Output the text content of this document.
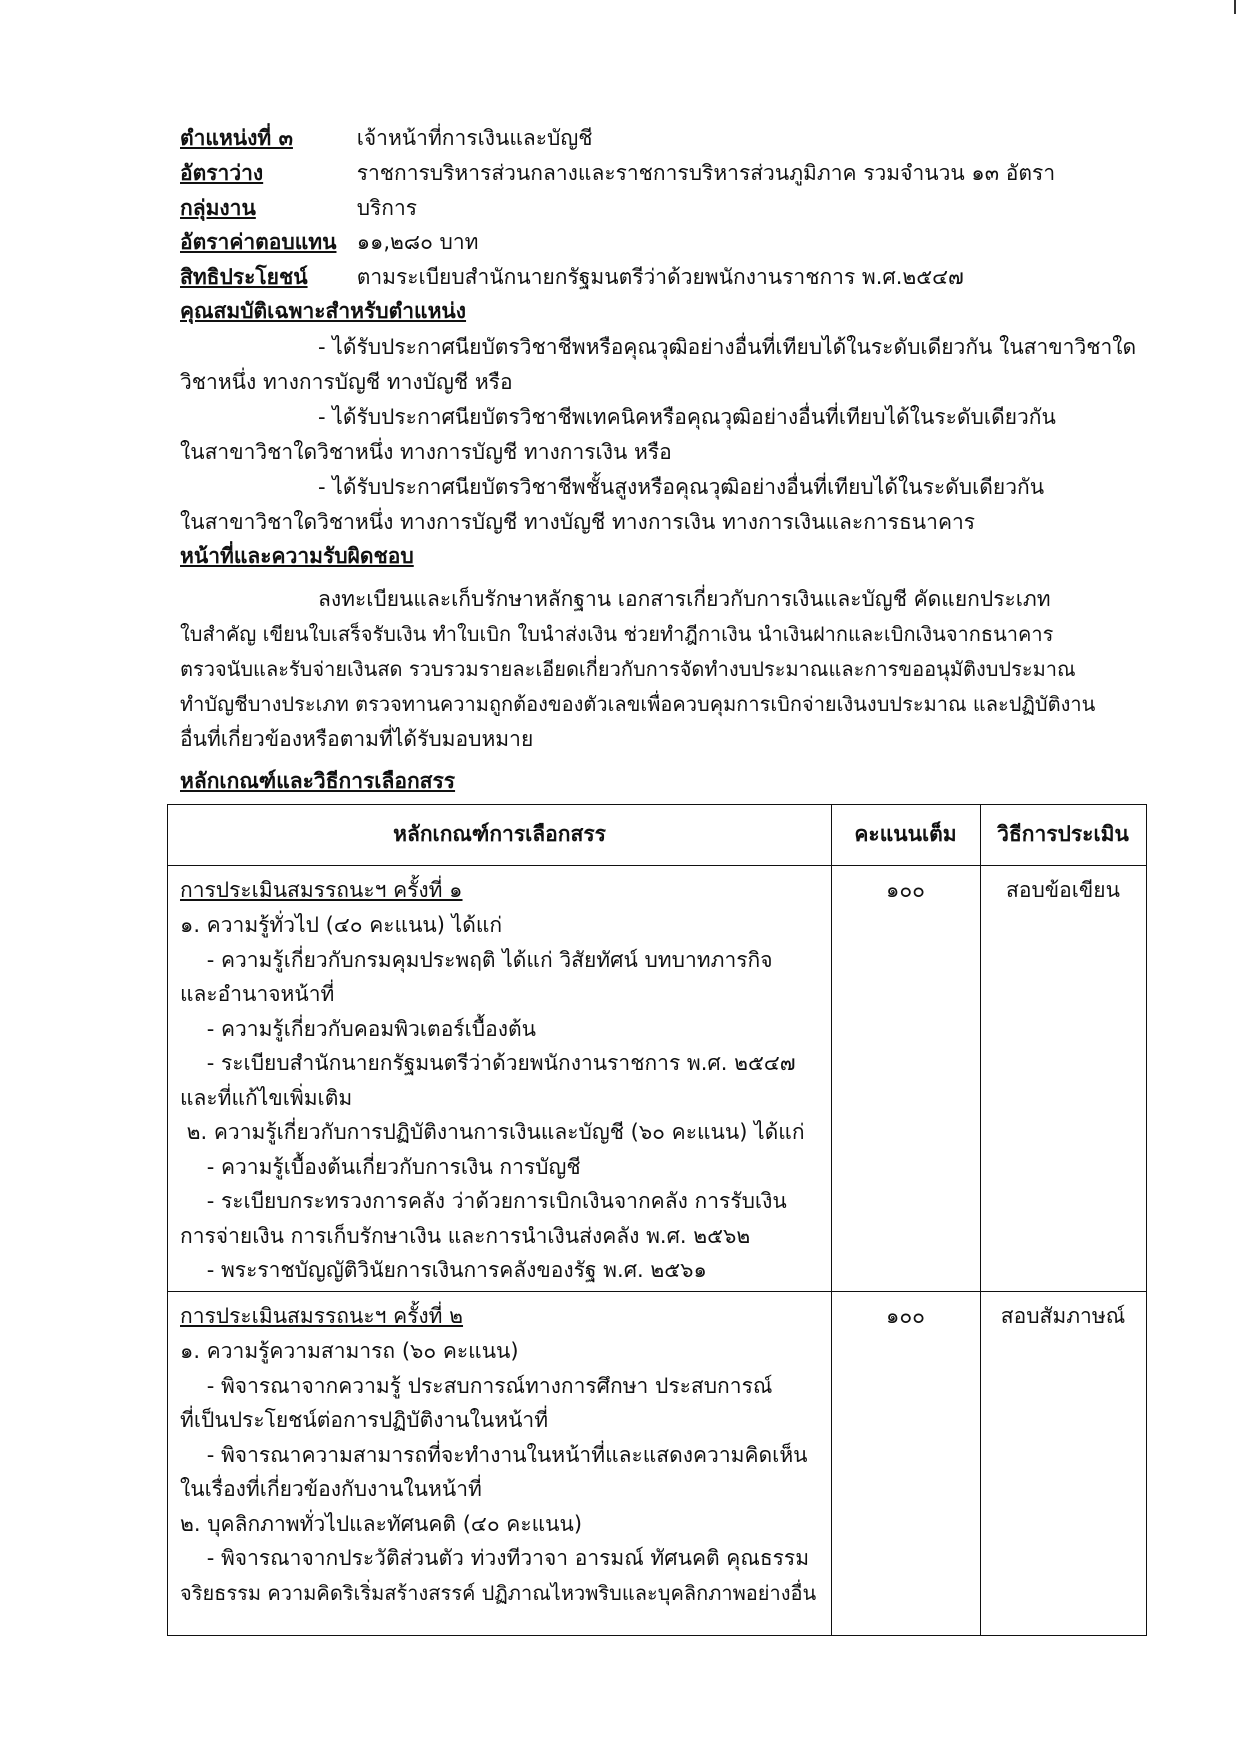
ตำแหน่งที่ ๓	เจ้าหน้าที่การเงินและบัญชี
อัตราว่าง	ราชการบริหารส่วนกลางและราชการบริหารส่วนภูมิภาค รวมจำนวน ๑๓ อัตรา
กลุ่มงาน	บริการ
อัตราค่าตอบแทน ๑๑,๒๘๐ บาท
สิทธิประโยชน์ ตามระเบียบสำนักนายกรัฐมนตรีว่าด้วยพนักงานราชการ พ.ศ.๒๕๔๗
คุณสมบัติเฉพาะสำหรับตำแหน่ง
- ได้รับประกาศนียบัตรวิชาชีพหรือคุณวุฒิอย่างอื่นที่เทียบได้ในระดับเดียวกัน ในสาขาวิชาใด
วิชาหนึ่ง ทางการบัญชี ทางบัญชี หรือ
- ได้รับประกาศนียบัตรวิชาชีพเทคนิคหรือคุณวุฒิอย่างอื่นที่เทียบได้ในระดับเดียวกัน
ในสาขาวิชาใดวิชาหนึ่ง ทางการบัญชี ทางการเงิน หรือ
- ได้รับประกาศนียบัตรวิชาชีพชั้นสูงหรือคุณวุฒิอย่างอื่นที่เทียบได้ในระดับเดียวกัน
ในสาขาวิชาใดวิชาหนึ่ง ทางการบัญชี ทางบัญชี ทางการเงิน ทางการเงินและการธนาคาร
หน้าที่และความรับผิดชอบ
ลงทะเบียนและเก็บรักษาหลักฐาน เอกสารเกี่ยวกับการเงินและบัญชี คัดแยกประเภท
ใบสำคัญ เขียนใบเสร็จรับเงิน ทำใบเบิก ใบนำส่งเงิน ช่วยทำฎีกาเงิน นำเงินฝากและเบิกเงินจากธนาคาร
ตรวจนับและรับจ่ายเงินสด รวบรวมรายละเอียดเกี่ยวกับการจัดทำงบประมาณและการขออนุมัติงบประมาณ
ทำบัญชีบางประเภท ตรวจทานความถูกต้องของตัวเลขเพื่อควบคุมการเบิกจ่ายเงินงบประมาณ และปฏิบัติงาน
อื่นที่เกี่ยวข้องหรือตามที่ได้รับมอบหมาย
หลักเกณฑ์และวิธีการเลือกสรร
หลักเกณฑ์การเลือกสรร	คะแนนเต็ม	วิธีการประเมิน
การประเมินสมรรถนะฯ ครั้งที่ ๑	๑๐๐	สอบข้อเขียน
๑. ความรู้ทั่วไป (๔๐ คะแนน) ได้แก่
- ความรู้เกี่ยวกับกรมคุมประพฤติ ได้แก่ วิสัยทัศน์ บทบาทภารกิจ
และอำนาจหน้าที่
- ความรู้เกี่ยวกับคอมพิวเตอร์เบื้องต้น
- ระเบียบสำนักนายกรัฐมนตรีว่าด้วยพนักงานราชการ พ.ศ. ๒๕๔๗
และที่แก้ไขเพิ่มเติม
๒. ความรู้เกี่ยวกับการปฏิบัติงานการเงินและบัญชี (๖๐ คะแนน) ได้แก่
- ความรู้เบื้องต้นเกี่ยวกับการเงิน การบัญชี
- ระเบียบกระทรวงการคลัง ว่าด้วยการเบิกเงินจากคลัง การรับเงิน
การจ่ายเงิน การเก็บรักษาเงิน และการนำเงินส่งคลัง พ.ศ. ๒๕๖๒
- พระราชบัญญัติวินัยการเงินการคลังของรัฐ พ.ศ. ๒๕๖๑
การประเมินสมรรถนะฯ ครั้งที่ ๒	๑๐๐	สอบสัมภาษณ์
๑. ความรู้ความสามารถ (๖๐ คะแนน)
- พิจารณาจากความรู้ ประสบการณ์ทางการศึกษา ประสบการณ์
ที่เป็นประโยชน์ต่อการปฏิบัติงานในหน้าที่
- พิจารณาความสามารถที่จะทำงานในหน้าที่และแสดงความคิดเห็น
ในเรื่องที่เกี่ยวข้องกับงานในหน้าที่
๒. บุคลิกภาพทั่วไปและทัศนคติ (๔๐ คะแนน)
- พิจารณาจากประวัติส่วนตัว ท่วงทีวาจา อารมณ์ ทัศนคติ คุณธรรม
จริยธรรม ความคิดริเริ่มสร้างสรรค์ ปฏิภาณไหวพริบและบุคลิกภาพอย่างอื่น
